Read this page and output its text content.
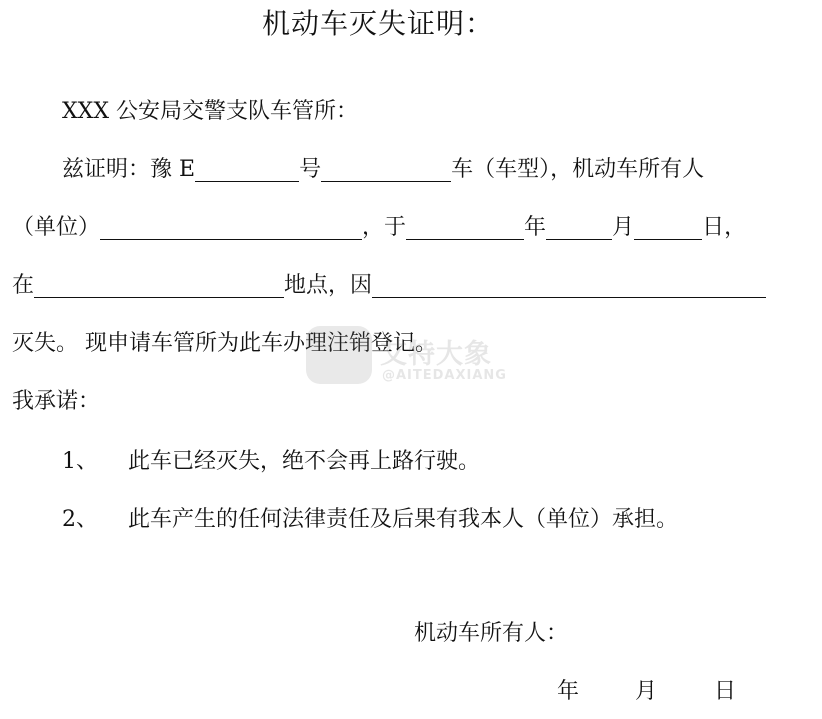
机动车灭失证明：
XXX 公安局交警支队车管所：
兹证明：豫 E	号	车（车型），机动车所有人
（单位）	，于	年	月	日，
在	地点，因
灭失。 现申请车管所为此车办理注销登记。
我承诺：
1、 此车已经灭失，绝不会再上路行驶。
2、 此车产生的任何法律责任及后果有我本人（单位）承担。
机动车所有人：
年	月	日
艾特大象
@AITEDAXIANG
